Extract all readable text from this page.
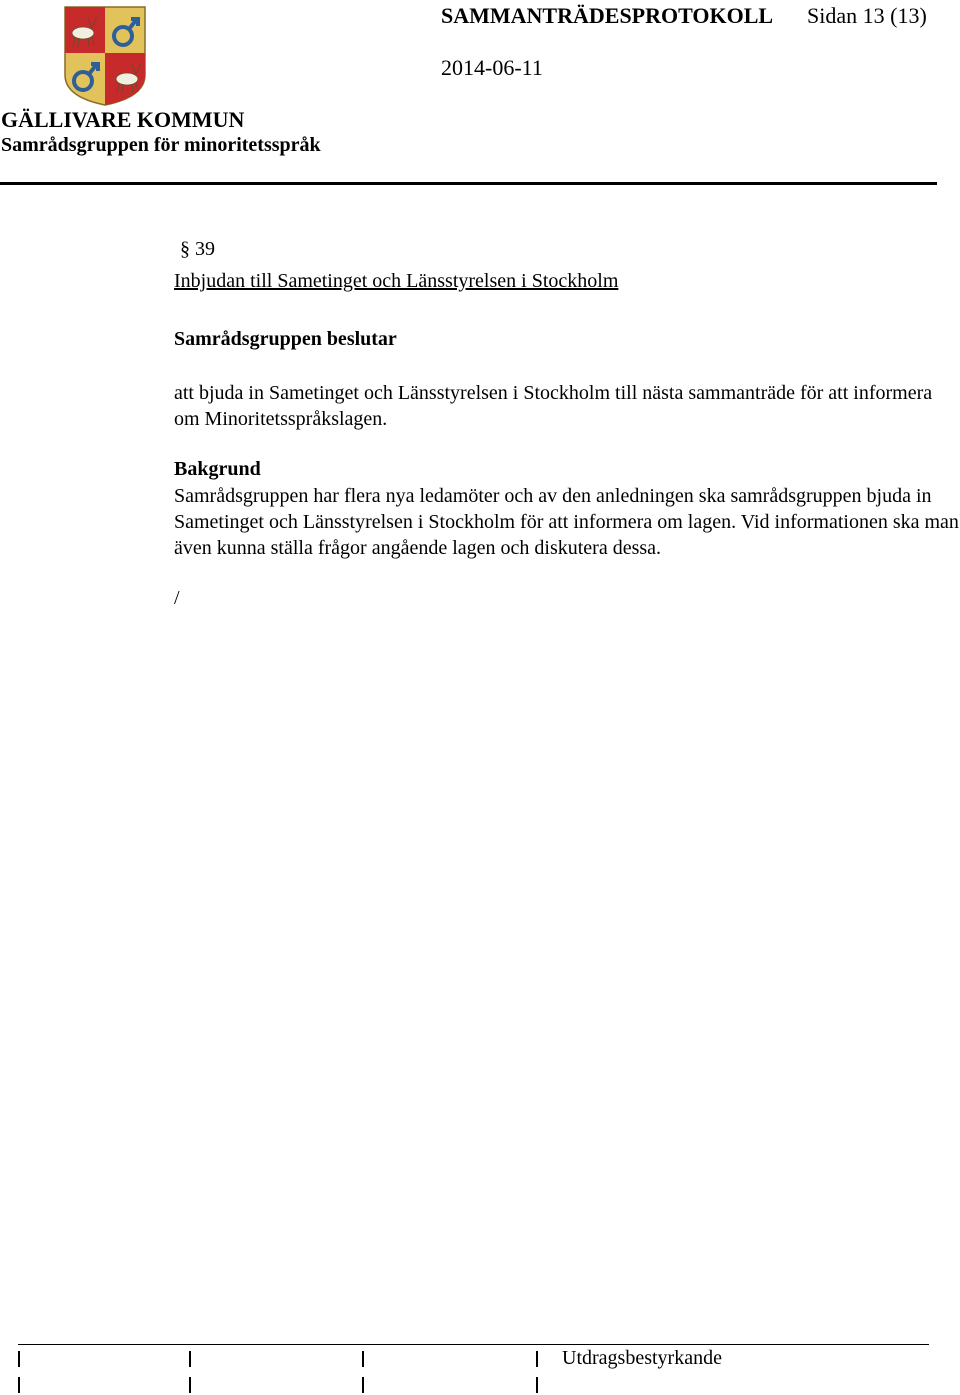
SAMMANTRÄDESPROTOKOLL Sidan 13 (13)
2014-06-11
GÄLLIVARE KOMMUN
Samrådsgruppen för minoritetsspråk
§ 39
Inbjudan till Sametinget och Länsstyrelsen i Stockholm
Samrådsgruppen beslutar
att bjuda in Sametinget och Länsstyrelsen i Stockholm till nästa sammanträde för att informera om Minoritetsspråkslagen.
Bakgrund
Samrådsgruppen har flera nya ledamöter och av den anledningen ska samrådsgruppen bjuda in Sametinget och Länsstyrelsen i Stockholm för att informera om lagen. Vid informationen ska man även kunna ställa frågor angående lagen och diskutera dessa.
/
Utdragsbestyrkande
